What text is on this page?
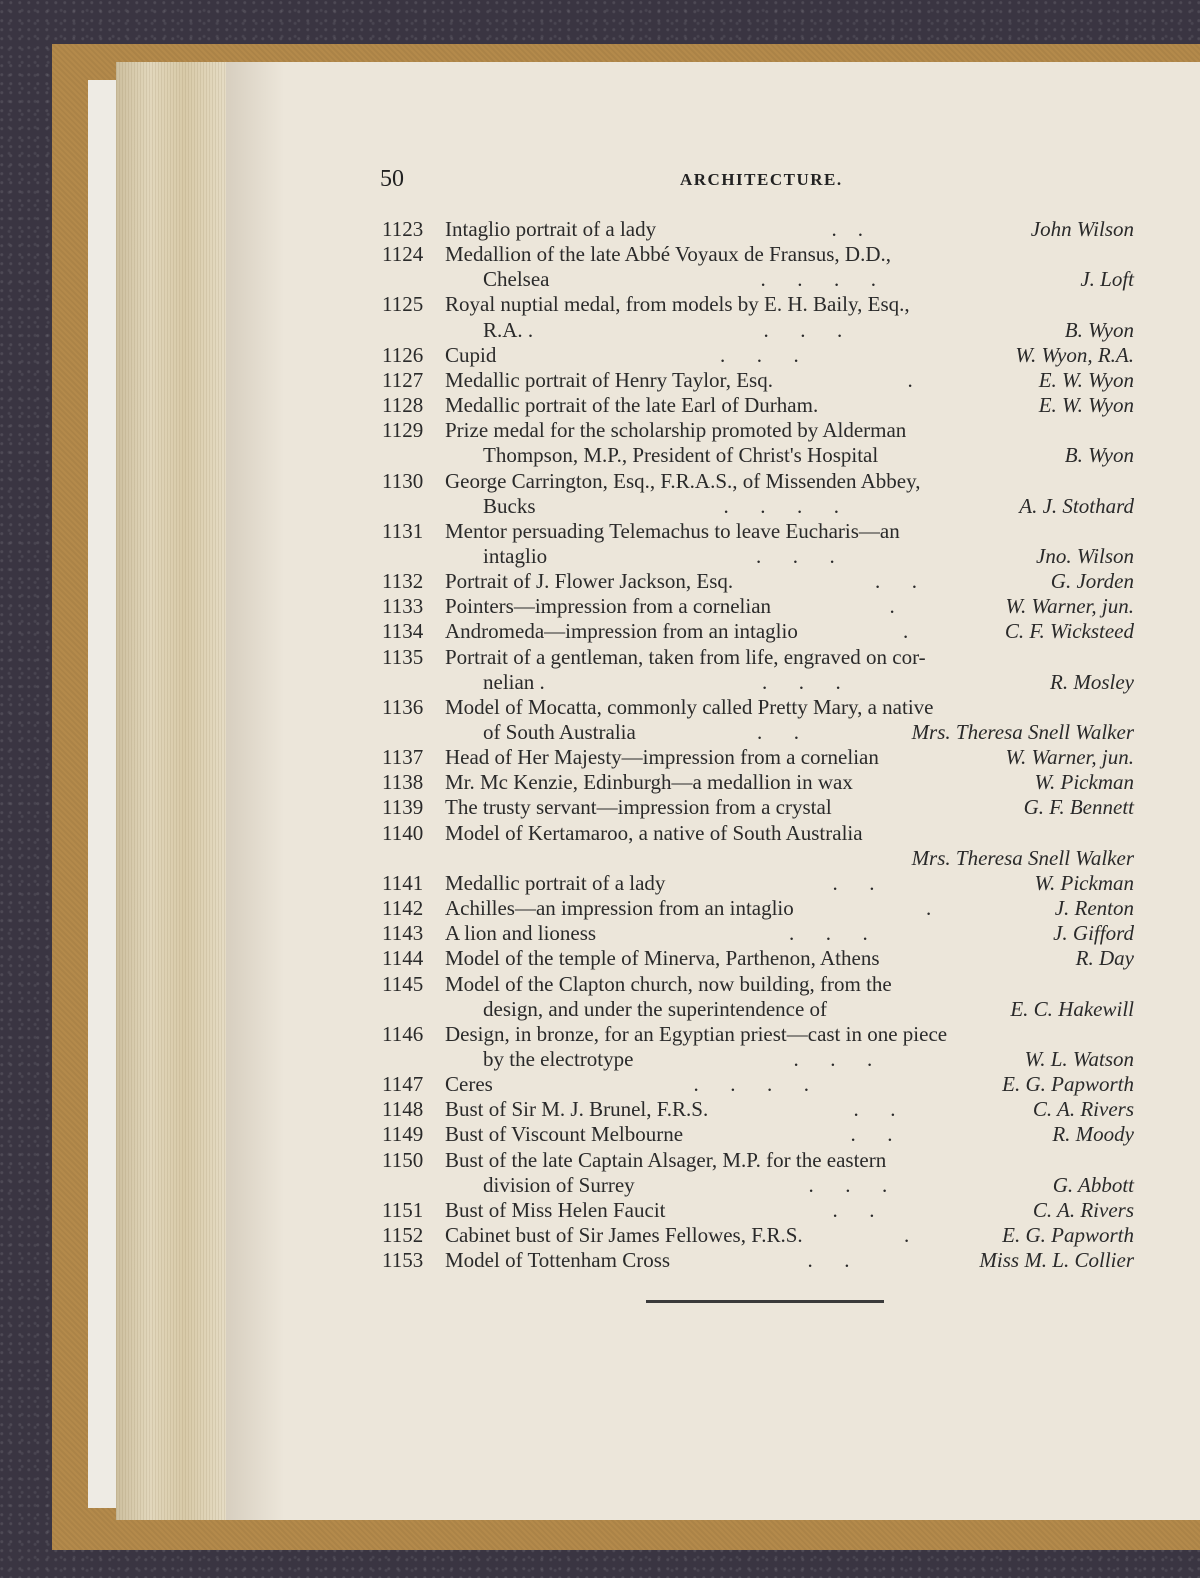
50	ARCHITECTURE.
1123 Intaglio portrait of a lady	.    .	John Wilson
1124 Medallion of the late Abbé Voyaux de Fransus, D.D.,
Chelsea	.      .      .      .	J. Loft
1125 Royal nuptial medal, from models by E. H. Baily, Esq.,
R.A. .	.      .      .	B. Wyon
1126 Cupid	.      .      .	W. Wyon, R.A.
1127 Medallic portrait of Henry Taylor, Esq.	.	E. W. Wyon
1128 Medallic portrait of the late Earl of Durham.	E. W. Wyon
1129 Prize medal for the scholarship promoted by Alderman
Thompson, M.P., President of Christ's Hospital	B. Wyon
1130 George Carrington, Esq., F.R.A.S., of Missenden Abbey,
Bucks	.      .      .      .	A. J. Stothard
1131 Mentor persuading Telemachus to leave Eucharis—an
intaglio	.      .      .	Jno. Wilson
1132 Portrait of J. Flower Jackson, Esq.	.      .	G. Jorden
1133 Pointers—impression from a cornelian	.	W. Warner, jun.
1134 Andromeda—impression from an intaglio	.	C. F. Wicksteed
1135 Portrait of a gentleman, taken from life, engraved on cor-
nelian .	.      .      .	R. Mosley
1136 Model of Mocatta, commonly called Pretty Mary, a native
of South Australia	.      .	Mrs. Theresa Snell Walker
1137 Head of Her Majesty—impression from a cornelian	W. Warner, jun.
1138 Mr. Mc Kenzie, Edinburgh—a medallion in wax	W. Pickman
1139 The trusty servant—impression from a crystal	G. F. Bennett
1140 Model of Kertamaroo, a native of South Australia
Mrs. Theresa Snell Walker
1141 Medallic portrait of a lady	.      .	W. Pickman
1142 Achilles—an impression from an intaglio	.	J. Renton
1143 A lion and lioness	.      .      .	J. Gifford
1144 Model of the temple of Minerva, Parthenon, Athens	R. Day
1145 Model of the Clapton church, now building, from the
design, and under the superintendence of	E. C. Hakewill
1146 Design, in bronze, for an Egyptian priest—cast in one piece
by the electrotype	.      .      .	W. L. Watson
1147 Ceres	.      .      .      .	E. G. Papworth
1148 Bust of Sir M. J. Brunel, F.R.S.	.      .	C. A. Rivers
1149 Bust of Viscount Melbourne	.      .	R. Moody
1150 Bust of the late Captain Alsager, M.P. for the eastern
division of Surrey	.      .      .	G. Abbott
1151 Bust of Miss Helen Faucit	.      .	C. A. Rivers
1152 Cabinet bust of Sir James Fellowes, F.R.S.	.	E. G. Papworth
1153 Model of Tottenham Cross	.      .	Miss M. L. Collier
